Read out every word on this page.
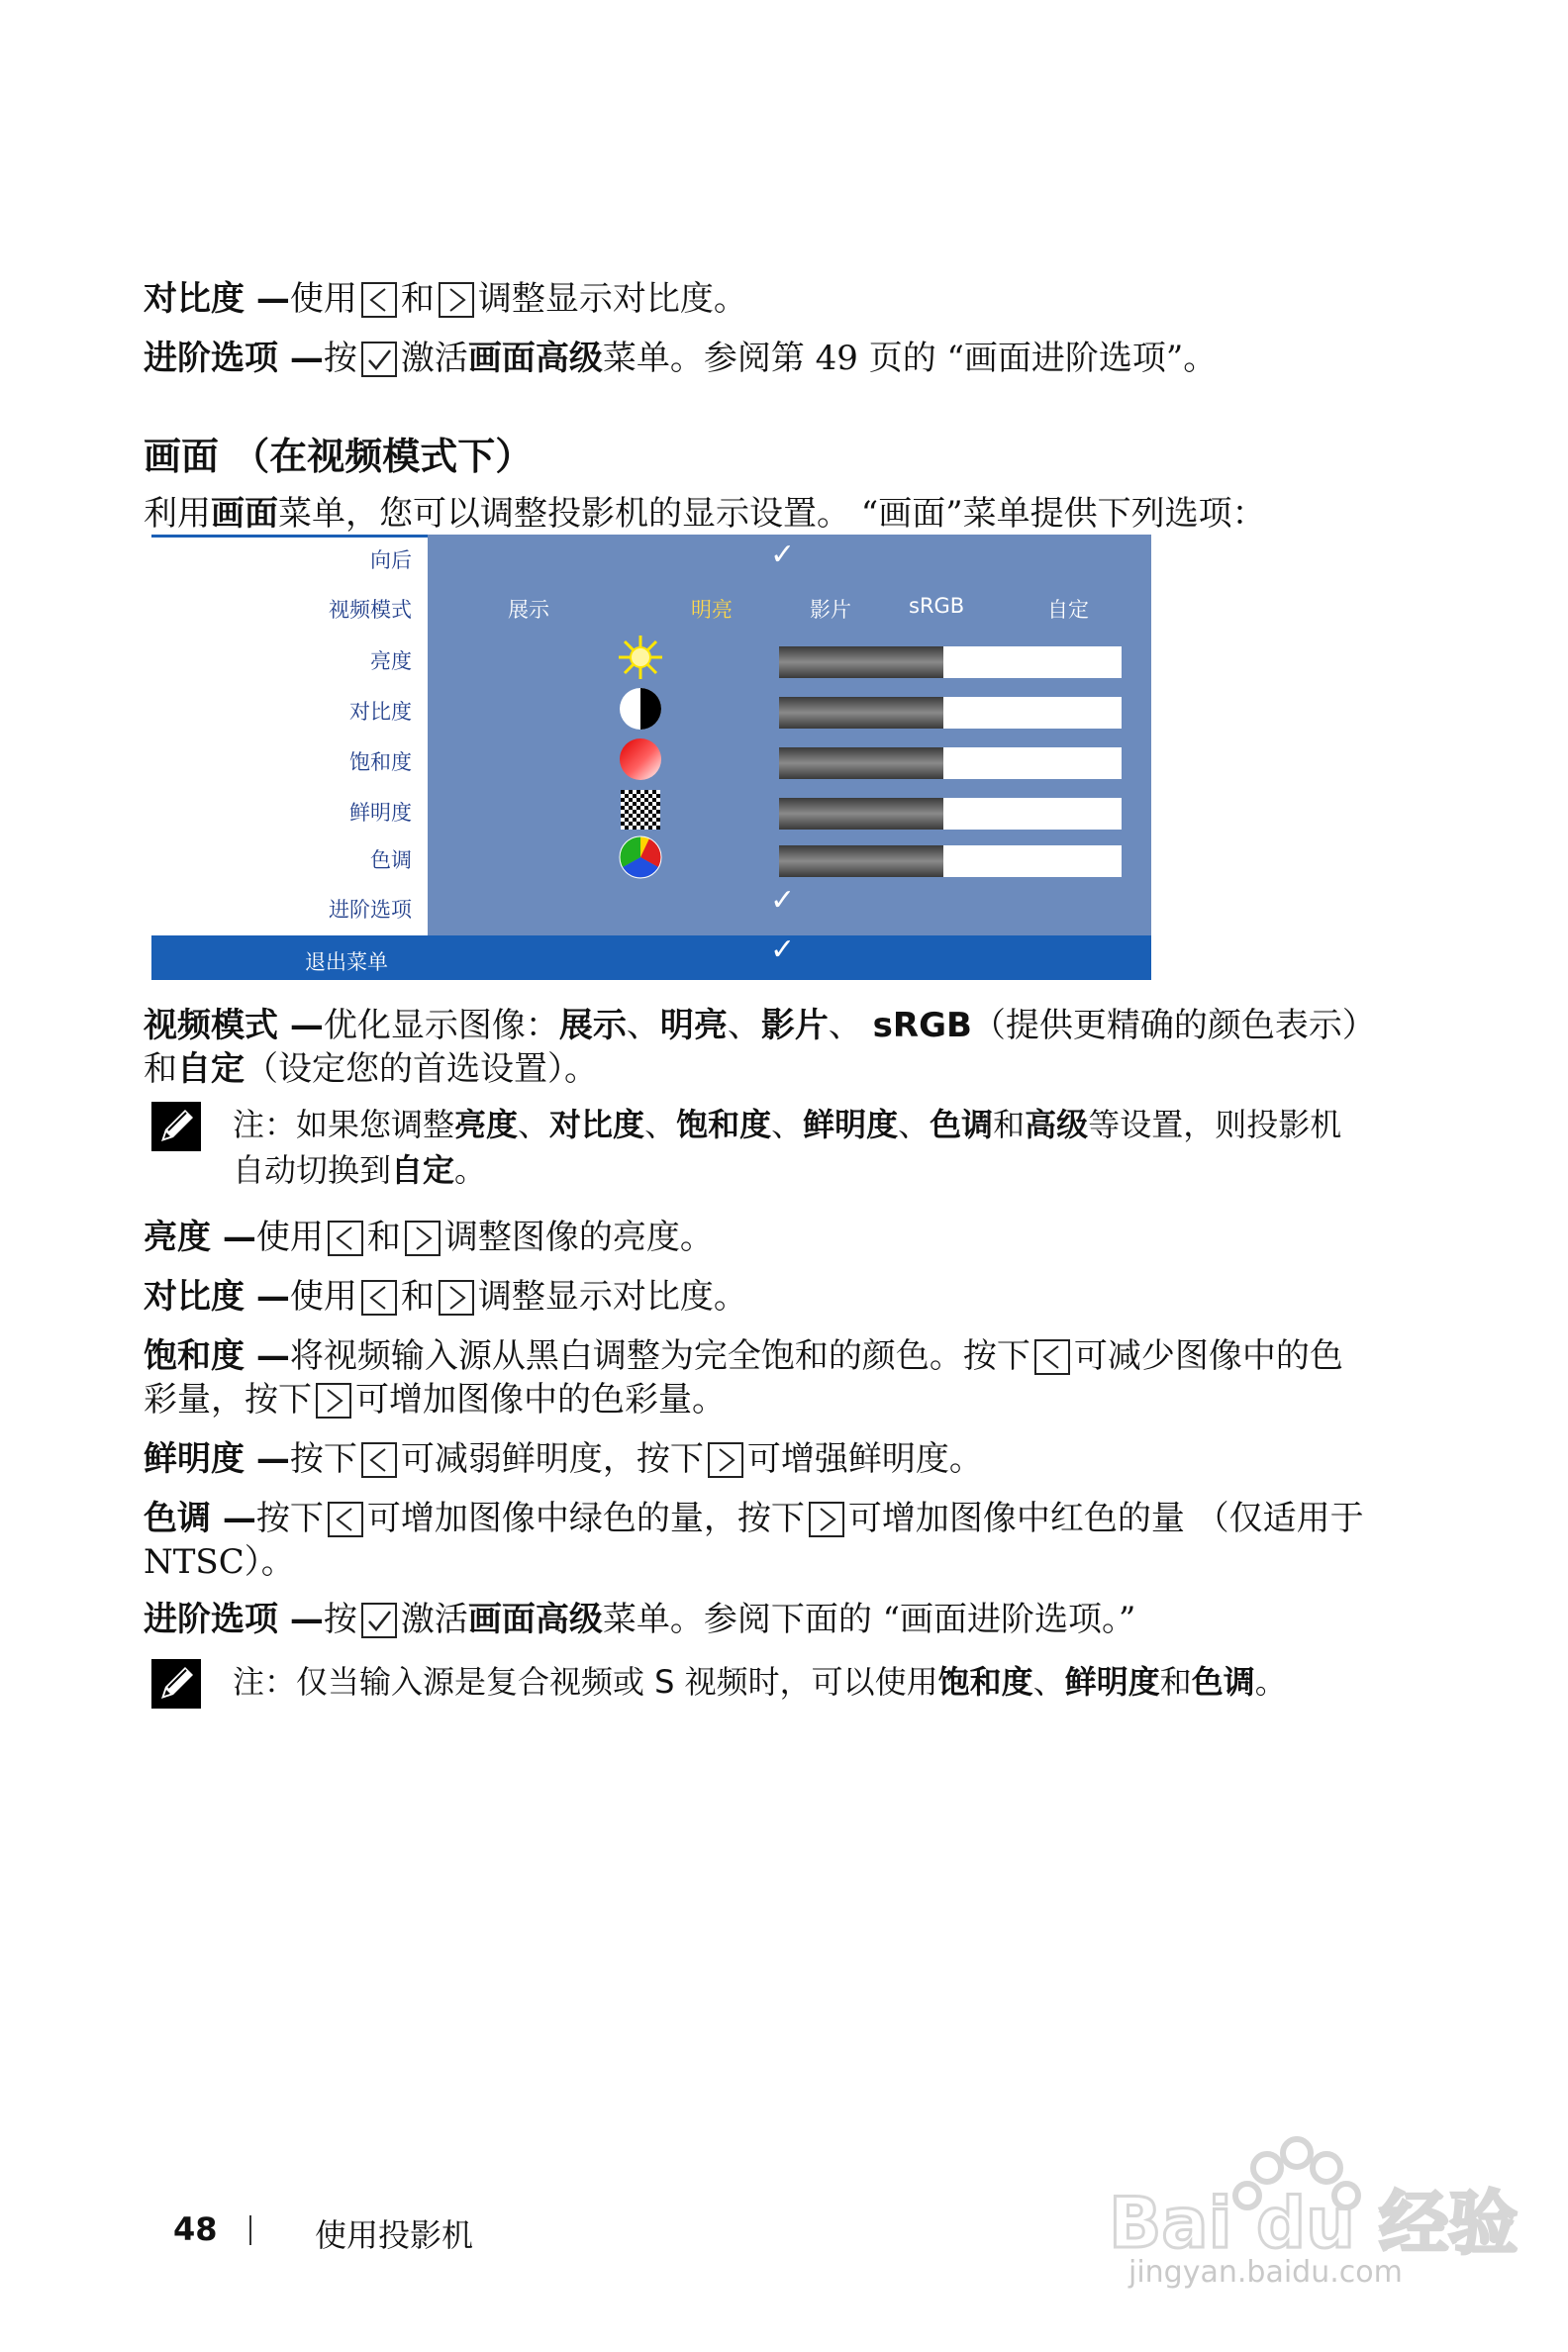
对比度 —使用 和 调整显示对比度。
进阶选项 —按 激活画面高级菜单。参阅第 49 页的 “画面进阶选项”。
画面 （在视频模式下）
利用画面菜单，您可以调整投影机的显示设置。 “画面”菜单提供下列选项：
向后	✓
视频模式	展示	明亮	影片	sRGB	自定
亮度	50
对比度	50
饱和度	50
鲜明度	16
色调	50
进阶选项	✓
退出菜单	✓
视频模式 —优化显示图像：展示、明亮、影片、 sRGB（提供更精确的颜色表示）和自定（设定您的首选设置）。
注：如果您调整亮度、对比度、饱和度、鲜明度、色调和高级等设置，则投影机自动切换到自定。
亮度 —使用 和 调整图像的亮度。
对比度 —使用 和 调整显示对比度。
饱和度 —将视频输入源从黑白调整为完全饱和的颜色。按下 可减少图像中的色彩量，按下 可增加图像中的色彩量。
鲜明度 —按下 可减弱鲜明度，按下 可增强鲜明度。
色调 —按下 可增加图像中绿色的量，按下 可增加图像中红色的量 （仅适用于 NTSC）。
进阶选项 —按 激活画面高级菜单。参阅下面的 “画面进阶选项。”
注：仅当输入源是复合视频或 S 视频时，可以使用饱和度、鲜明度和色调。
48	使用投影机	Bai du 经验
jingyan.baidu.com
